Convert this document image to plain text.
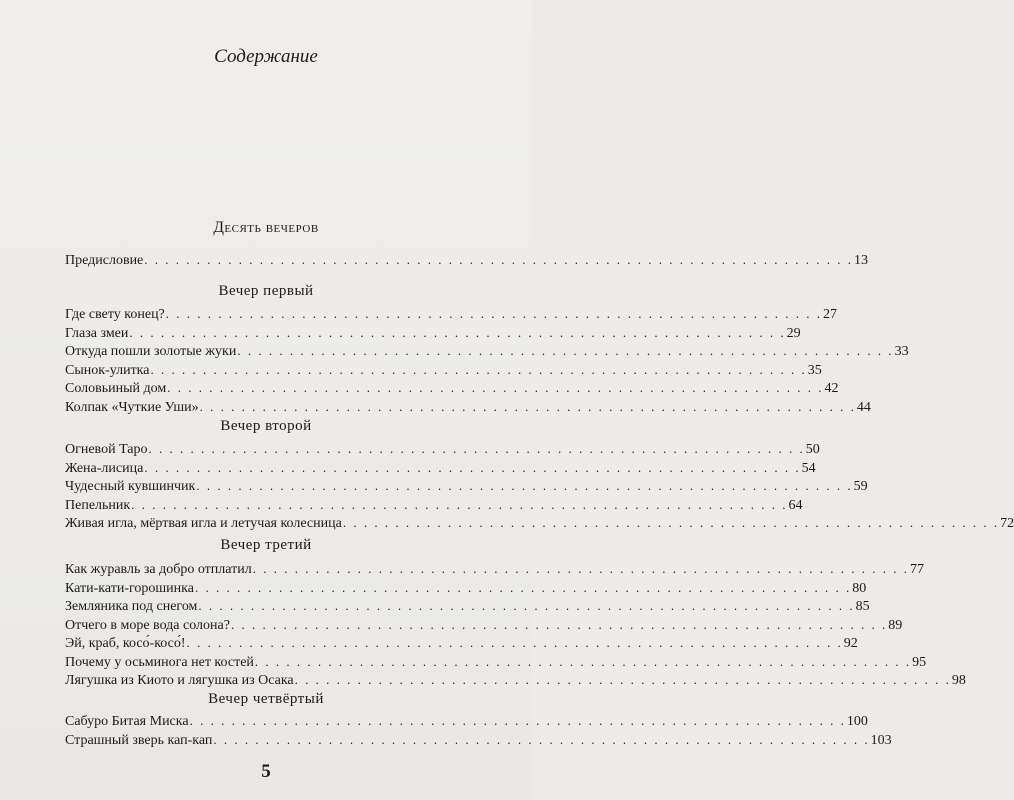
Содержание
Десять вечеров
Предисловие . . . . . . . . . . . . . . . . . . . . . . . . . . . . . . . . . . . . . . . . . . . . . . . . . . . . . . . . . . . . . . . . . . . . 13
Вечер первый
Где свету конец? . . . . . . . . . . . . . . . . . . . . . . . . . . . . . . . . . . . . . . . . . . . . . . . . . . . . . . . . . . . . . . . 27
Глаза змеи . . . . . . . . . . . . . . . . . . . . . . . . . . . . . . . . . . . . . . . . . . . . . . . . . . . . . . . . . . . . . . . 29
Откуда пошли золотые жуки . . . . . . . . . . . . . . . . . . . . . . . . . . . . . . . . . . . . . . . . . . . . . . . . . . . . . . . . . . . . . . . 33
Сынок-улитка . . . . . . . . . . . . . . . . . . . . . . . . . . . . . . . . . . . . . . . . . . . . . . . . . . . . . . . . . . . . . . . 35
Соловьиный дом . . . . . . . . . . . . . . . . . . . . . . . . . . . . . . . . . . . . . . . . . . . . . . . . . . . . . . . . . . . . . . . 42
Колпак «Чуткие Уши» . . . . . . . . . . . . . . . . . . . . . . . . . . . . . . . . . . . . . . . . . . . . . . . . . . . . . . . . . . . . . . . 44
Вечер второй
Огневой Таро . . . . . . . . . . . . . . . . . . . . . . . . . . . . . . . . . . . . . . . . . . . . . . . . . . . . . . . . . . . . . . . 50
Жена-лисица . . . . . . . . . . . . . . . . . . . . . . . . . . . . . . . . . . . . . . . . . . . . . . . . . . . . . . . . . . . . . . . 54
Чудесный кувшинчик . . . . . . . . . . . . . . . . . . . . . . . . . . . . . . . . . . . . . . . . . . . . . . . . . . . . . . . . . . . . . . . 59
Пепельник . . . . . . . . . . . . . . . . . . . . . . . . . . . . . . . . . . . . . . . . . . . . . . . . . . . . . . . . . . . . . . . 64
Живая игла, мёртвая игла и летучая колесница . . . . . . . . . . . . . . . . . . . . . . . . . . . . . . . . . . . . . . . . . . . . . . . . . . . . . . . . . . . . . . . 72
Вечер третий
Как журавль за добро отплатил . . . . . . . . . . . . . . . . . . . . . . . . . . . . . . . . . . . . . . . . . . . . . . . . . . . . . . . . . . . . . . . 77
Кати-кати-горошинка . . . . . . . . . . . . . . . . . . . . . . . . . . . . . . . . . . . . . . . . . . . . . . . . . . . . . . . . . . . . . . . 80
Земляника под снегом . . . . . . . . . . . . . . . . . . . . . . . . . . . . . . . . . . . . . . . . . . . . . . . . . . . . . . . . . . . . . . . 85
Отчего в море вода солона? . . . . . . . . . . . . . . . . . . . . . . . . . . . . . . . . . . . . . . . . . . . . . . . . . . . . . . . . . . . . . . . 89
Эй, краб, косо́-косо́! . . . . . . . . . . . . . . . . . . . . . . . . . . . . . . . . . . . . . . . . . . . . . . . . . . . . . . . . . . . . . . . 92
Почему у осьминога нет костей . . . . . . . . . . . . . . . . . . . . . . . . . . . . . . . . . . . . . . . . . . . . . . . . . . . . . . . . . . . . . . . 95
Лягушка из Киото и лягушка из Осака . . . . . . . . . . . . . . . . . . . . . . . . . . . . . . . . . . . . . . . . . . . . . . . . . . . . . . . . . . . . . . . 98
Вечер четвёртый
Сабуро Битая Миска . . . . . . . . . . . . . . . . . . . . . . . . . . . . . . . . . . . . . . . . . . . . . . . . . . . . . . . . . . . . . . . 100
Страшный зверь кап-кап . . . . . . . . . . . . . . . . . . . . . . . . . . . . . . . . . . . . . . . . . . . . . . . . . . . . . . . . . . . . . . . 103
5
